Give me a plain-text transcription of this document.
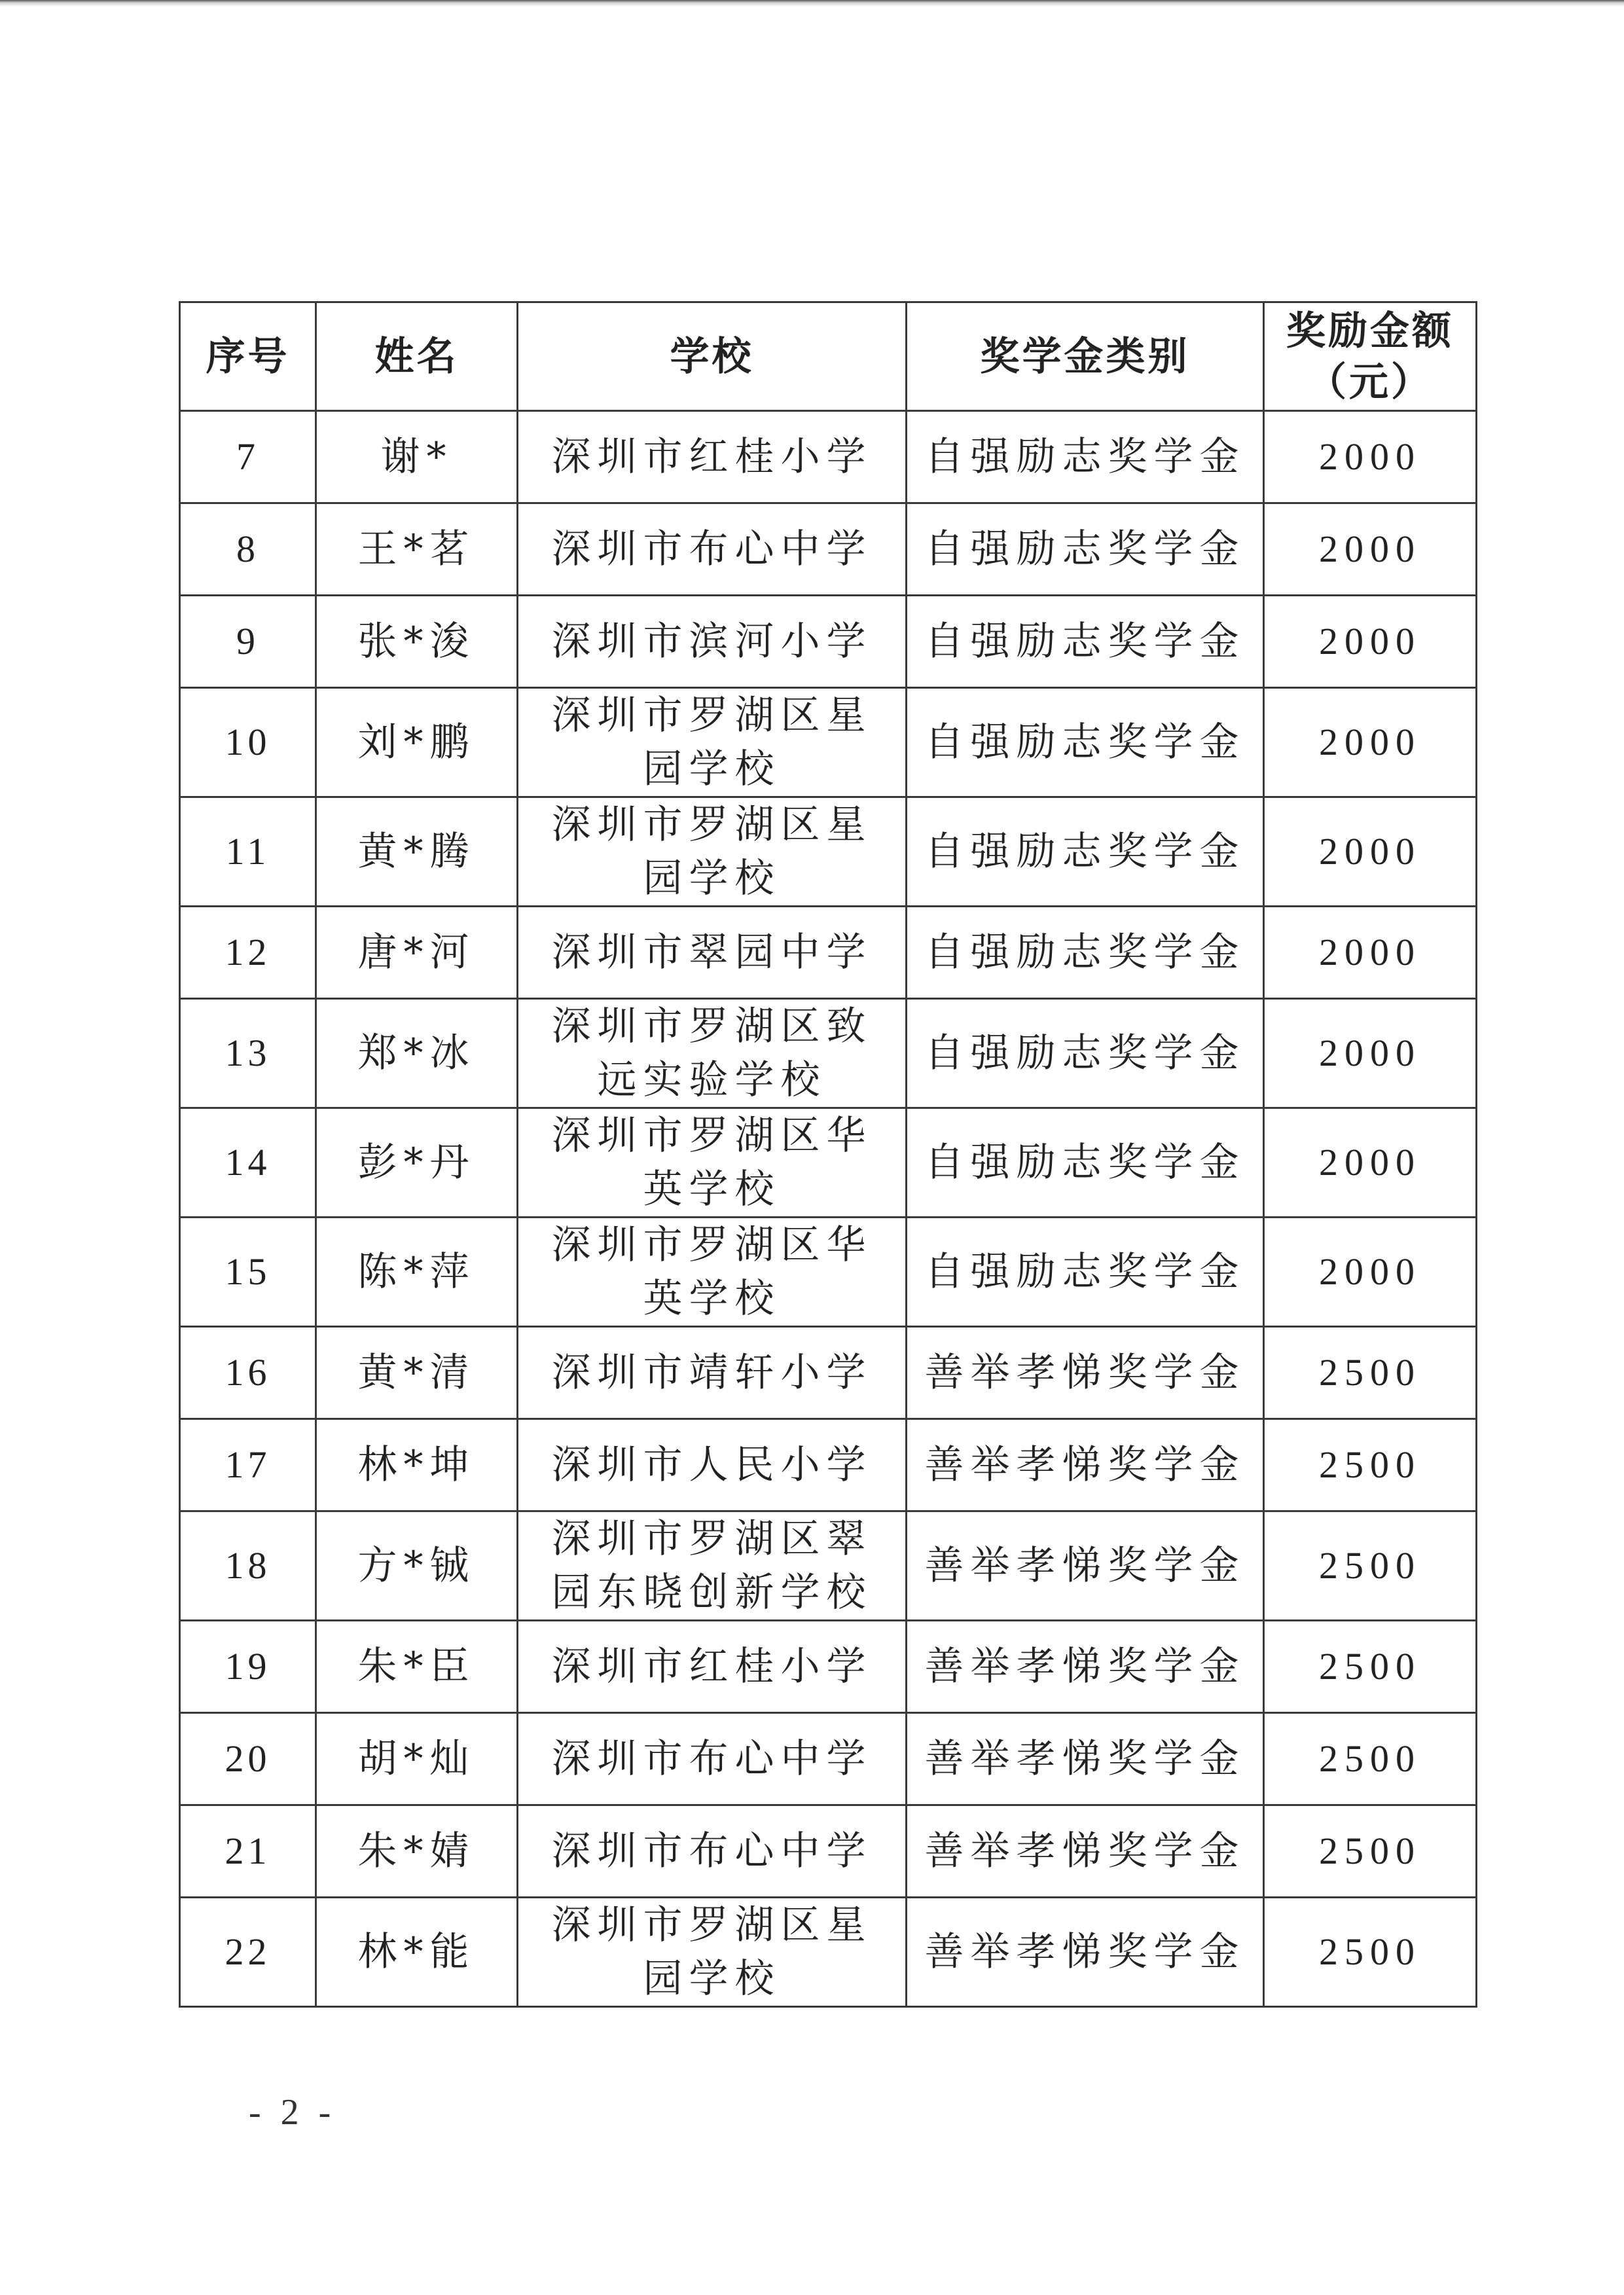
序号	姓名	学校	奖学金类别	奖励金额
（元）

7	谢*	深圳市红桂小学	自强励志奖学金	2000
8	王*茗	深圳市布心中学	自强励志奖学金	2000
9	张*浚	深圳市滨河小学	自强励志奖学金	2000
10	刘*鹏	深圳市罗湖区星园学校	自强励志奖学金	2000
11	黄*腾	深圳市罗湖区星园学校	自强励志奖学金	2000
12	唐*河	深圳市翠园中学	自强励志奖学金	2000
13	郑*冰	深圳市罗湖区致远实验学校	自强励志奖学金	2000
14	彭*丹	深圳市罗湖区华英学校	自强励志奖学金	2000
15	陈*萍	深圳市罗湖区华英学校	自强励志奖学金	2000
16	黄*清	深圳市靖轩小学	善举孝悌奖学金	2500
17	林*坤	深圳市人民小学	善举孝悌奖学金	2500
18	方*铖	深圳市罗湖区翠园东晓创新学校	善举孝悌奖学金	2500
19	朱*臣	深圳市红桂小学	善举孝悌奖学金	2500
20	胡*灿	深圳市布心中学	善举孝悌奖学金	2500
21	朱*婧	深圳市布心中学	善举孝悌奖学金	2500
22	林*能	深圳市罗湖区星园学校	善举孝悌奖学金	2500
- 2 -
